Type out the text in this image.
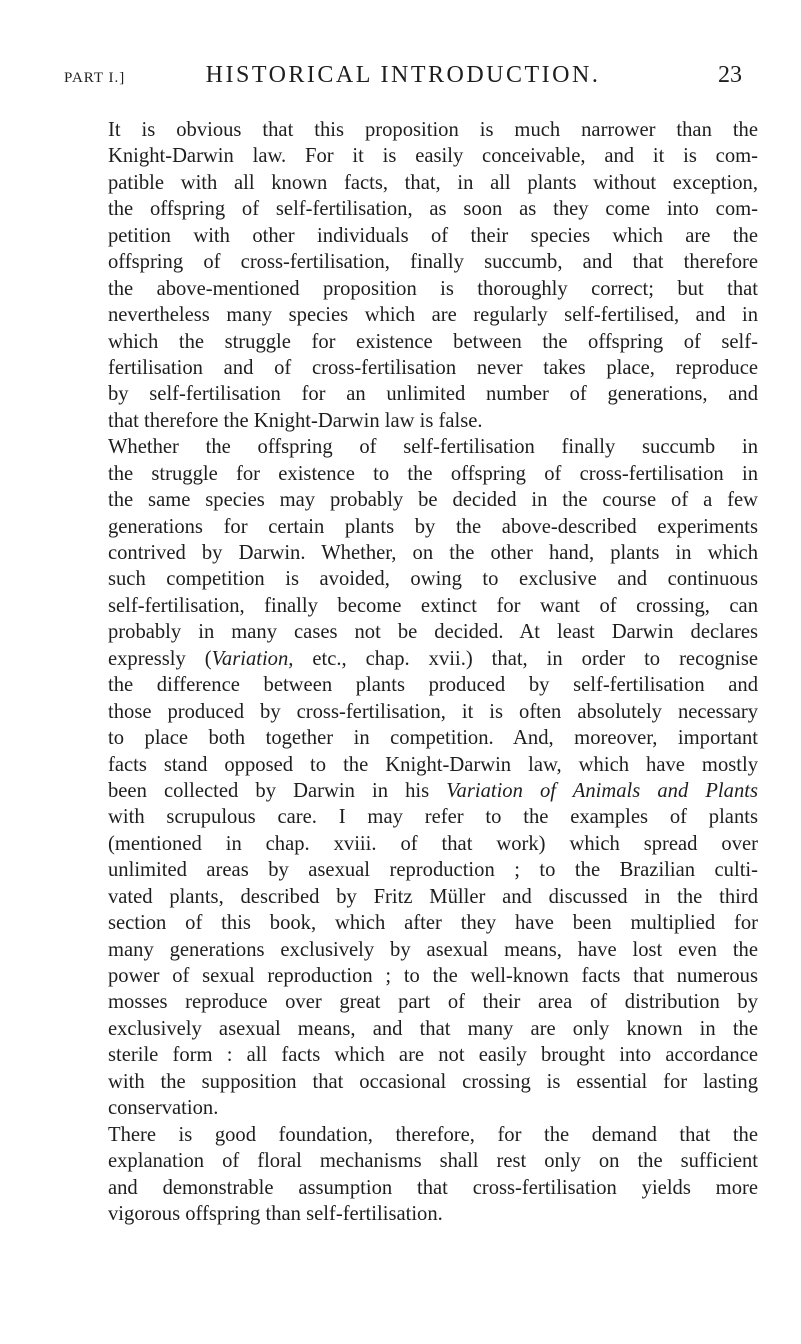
PART I.]	HISTORICAL INTRODUCTION.	23
It is obvious that this proposition is much narrower than the
Knight-Darwin law. For it is easily conceivable, and it is com-
patible with all known facts, that, in all plants without exception,
the offspring of self-fertilisation, as soon as they come into com-
petition with other individuals of their species which are the
offspring of cross-fertilisation, finally succumb, and that therefore
the above-mentioned proposition is thoroughly correct; but that
nevertheless many species which are regularly self-fertilised, and in
which the struggle for existence between the offspring of self-
fertilisation and of cross-fertilisation never takes place, reproduce
by self-fertilisation for an unlimited number of generations, and
that therefore the Knight-Darwin law is false.
Whether the offspring of self-fertilisation finally succumb in
the struggle for existence to the offspring of cross-fertilisation in
the same species may probably be decided in the course of a few
generations for certain plants by the above-described experiments
contrived by Darwin. Whether, on the other hand, plants in which
such competition is avoided, owing to exclusive and continuous
self-fertilisation, finally become extinct for want of crossing, can
probably in many cases not be decided. At least Darwin declares
expressly (Variation, etc., chap. xvii.) that, in order to recognise
the difference between plants produced by self-fertilisation and
those produced by cross-fertilisation, it is often absolutely necessary
to place both together in competition. And, moreover, important
facts stand opposed to the Knight-Darwin law, which have mostly
been collected by Darwin in his Variation of Animals and Plants
with scrupulous care. I may refer to the examples of plants
(mentioned in chap. xviii. of that work) which spread over
unlimited areas by asexual reproduction ; to the Brazilian culti-
vated plants, described by Fritz Müller and discussed in the third
section of this book, which after they have been multiplied for
many generations exclusively by asexual means, have lost even the
power of sexual reproduction ; to the well-known facts that numerous
mosses reproduce over great part of their area of distribution by
exclusively asexual means, and that many are only known in the
sterile form : all facts which are not easily brought into accordance
with the supposition that occasional crossing is essential for lasting
conservation.
There is good foundation, therefore, for the demand that the
explanation of floral mechanisms shall rest only on the sufficient
and demonstrable assumption that cross-fertilisation yields more
vigorous offspring than self-fertilisation.
